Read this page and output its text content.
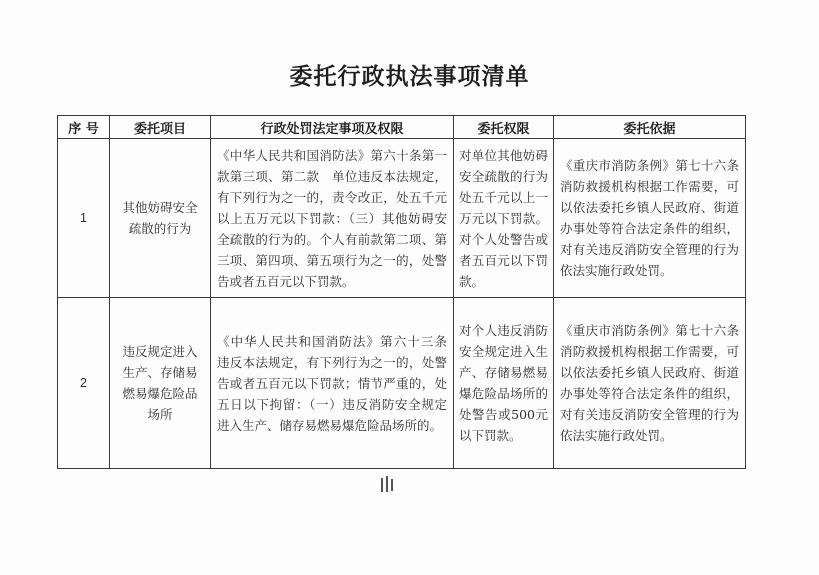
委托行政执法事项清单
序 号	委托项目	行政处罚法定事项及权限	委托权限	委托依据
1	其他妨碍安全疏散的行为	《中华人民共和国消防法》第六十条第一款第三项、第二款　单位违反本法规定，有下列行为之一的，责令改正，处五千元以上五万元以下罚款：（三）其他妨碍安全疏散的行为的。个人有前款第二项、第三项、第四项、第五项行为之一的，处警告或者五百元以下罚款。	对单位其他妨碍安全疏散的行为处五千元以上一万元以下罚款。对个人处警告或者五百元以下罚款。	《重庆市消防条例》第七十六条　消防救援机构根据工作需要，可以依法委托乡镇人民政府、街道办事处等符合法定条件的组织，对有关违反消防安全管理的行为依法实施行政处罚。
2	违反规定进入生产、存储易燃易爆危险品场所	《中华人民共和国消防法》第六十三条　违反本法规定，有下列行为之一的，处警告或者五百元以下罚款；情节严重的，处五日以下拘留：（一）违反消防安全规定进入生产、储存易燃易爆危险品场所的。	对个人违反消防安全规定进入生产、存储易燃易爆危险品场所的处警告或500元以下罚款。	《重庆市消防条例》第七十六条　消防救援机构根据工作需要，可以依法委托乡镇人民政府、街道办事处等符合法定条件的组织，对有关违反消防安全管理的行为依法实施行政处罚。
